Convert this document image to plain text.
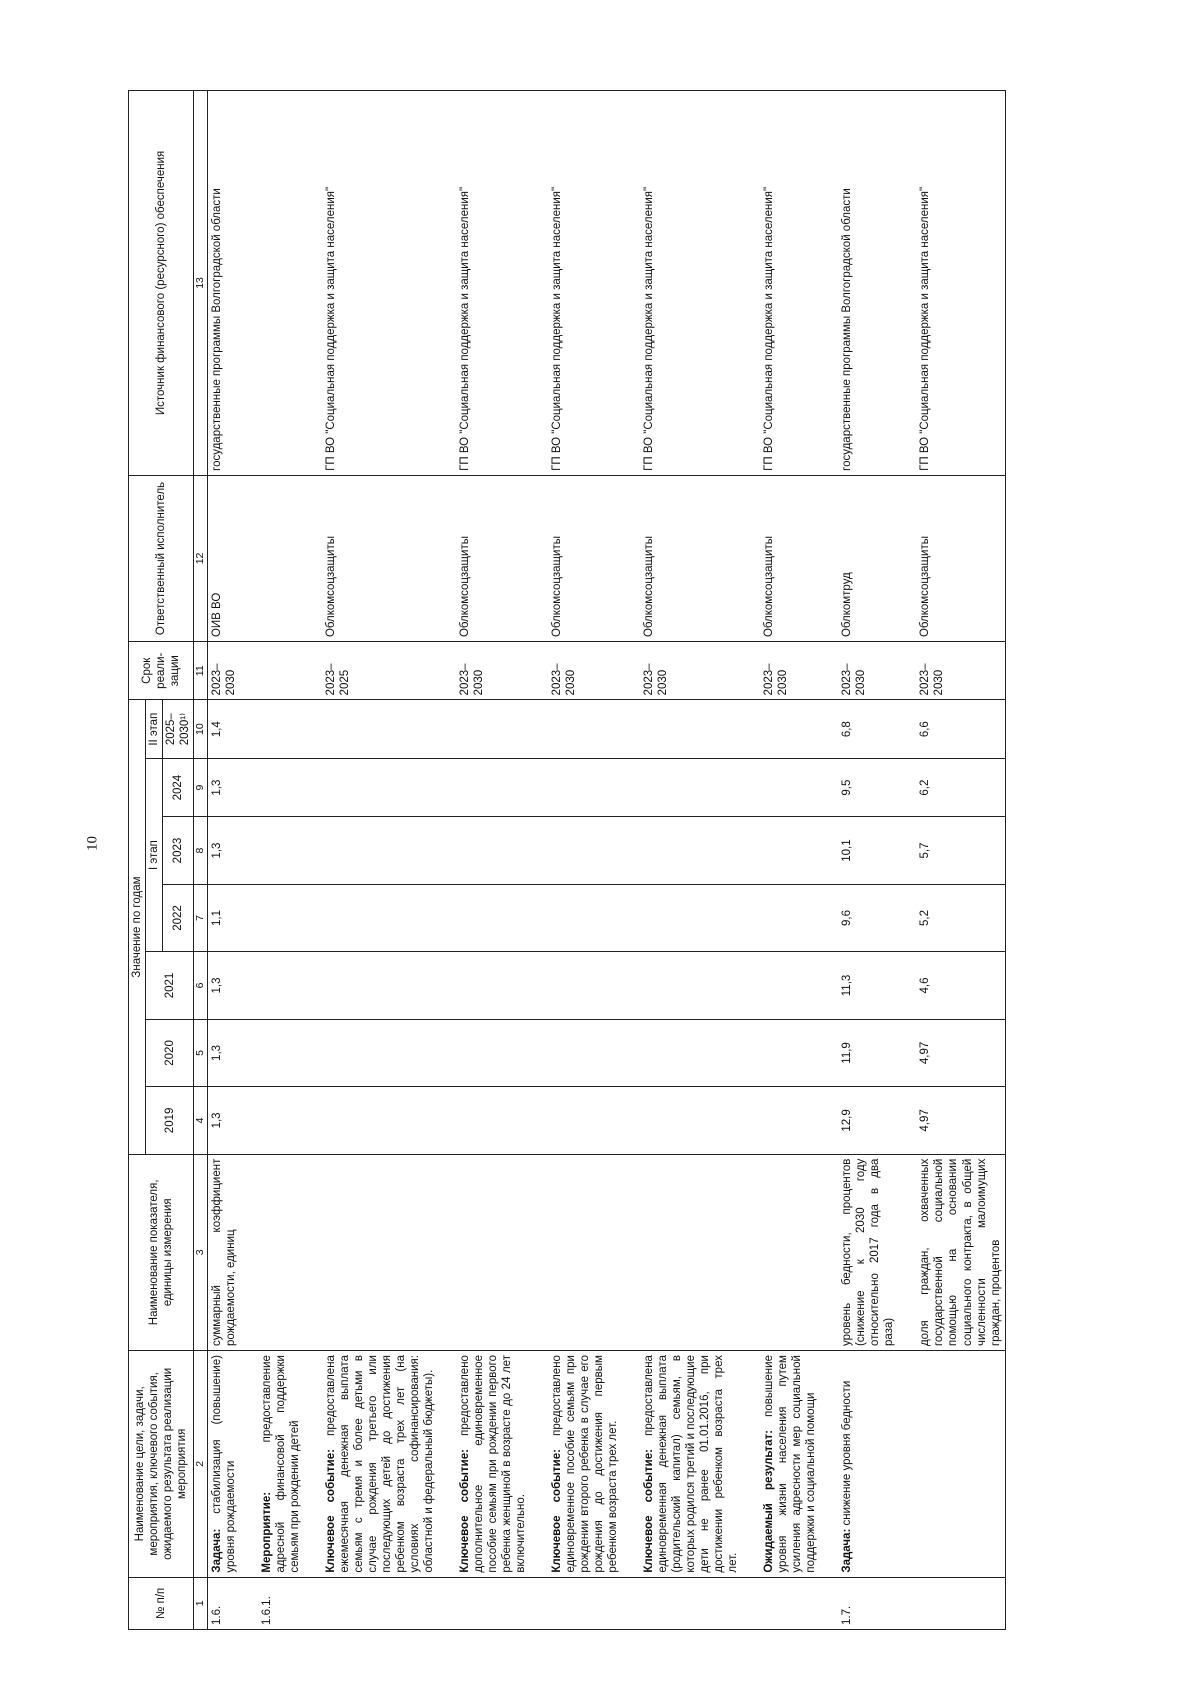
10
№ п/п	Наименование цели, задачи, мероприятия, ключевого события, ожидаемого результата реализации мероприятия	Наименование показателя, единицы измерения	Значение по годам							Срок реали-зации	Ответственный исполнитель	Источник финансового (ресурсного) обеспечения
			2019	2020	2021	I этап			II этап			
						2022	2023	2024	2025–2030¹⁾			
1	2	3	4	5	6	7	8	9	10	11	12	13
1.6.	Задача: стабилизация (повышение) уровня рождаемости	суммарный коэффициент рождаемости, единиц	1,3	1,3	1,3	1,1	1,3	1,3	1,4	2023–2030	ОИВ ВО	государственные программы Волгоградской области

1.6.1.	Мероприятие: предоставление адресной финансовой поддержки семьям при рождении детей											

	Ключевое событие: предоставлена ежемесячная денежная выплата семьям с тремя и более детьми в случае рождения третьего или последующих детей до достижения ребенком возраста трех лет (на условиях софинансирования: областной и федеральный бюджеты).									2023–2025	Облкомсоцзащиты	ГП ВО "Социальная поддержка и защита населения"

	Ключевое событие: предоставлено дополнительное единовременное пособие семьям при рождении первого ребенка женщиной в возрасте до 24 лет включительно.									2023–2030	Облкомсоцзащиты	ГП ВО "Социальная поддержка и защита населения"

	Ключевое событие: предоставлено единовременное пособие семьям при рождении второго ребенка в случае его рождения до достижения первым ребенком возраста трех лет.									2023–2030	Облкомсоцзащиты	ГП ВО "Социальная поддержка и защита населения"

	Ключевое событие: предоставлена единовременная денежная выплата (родительский капитал) семьям, в которых родился третий и последующие дети не ранее 01.01.2016, при достижении ребенком возраста трех лет.									2023–2030	Облкомсоцзащиты	ГП ВО "Социальная поддержка и защита населения"

	Ожидаемый результат: повышение уровня жизни населения путем усиления адресности мер социальной поддержки и социальной помощи									2023–2030	Облкомсоцзащиты	ГП ВО "Социальная поддержка и защита населения"

1.7.	Задача: снижение уровня бедности	уровень бедности, процентов (снижение к 2030 году относительно 2017 года в два раза)	12,9	11,9	11,3	9,6	10,1	9,5	6,8	2023–2030	Облкомтруд	государственные программы Волгоградской области

		доля граждан, охваченных государственной социальной помощью на основании социального контракта, в общей численности малоимущих граждан, процентов	4,97	4,97	4,6	5,2	5,7	6,2	6,6	2023–2030	Облкомсоцзащиты	ГП ВО "Социальная поддержка и защита населения"
